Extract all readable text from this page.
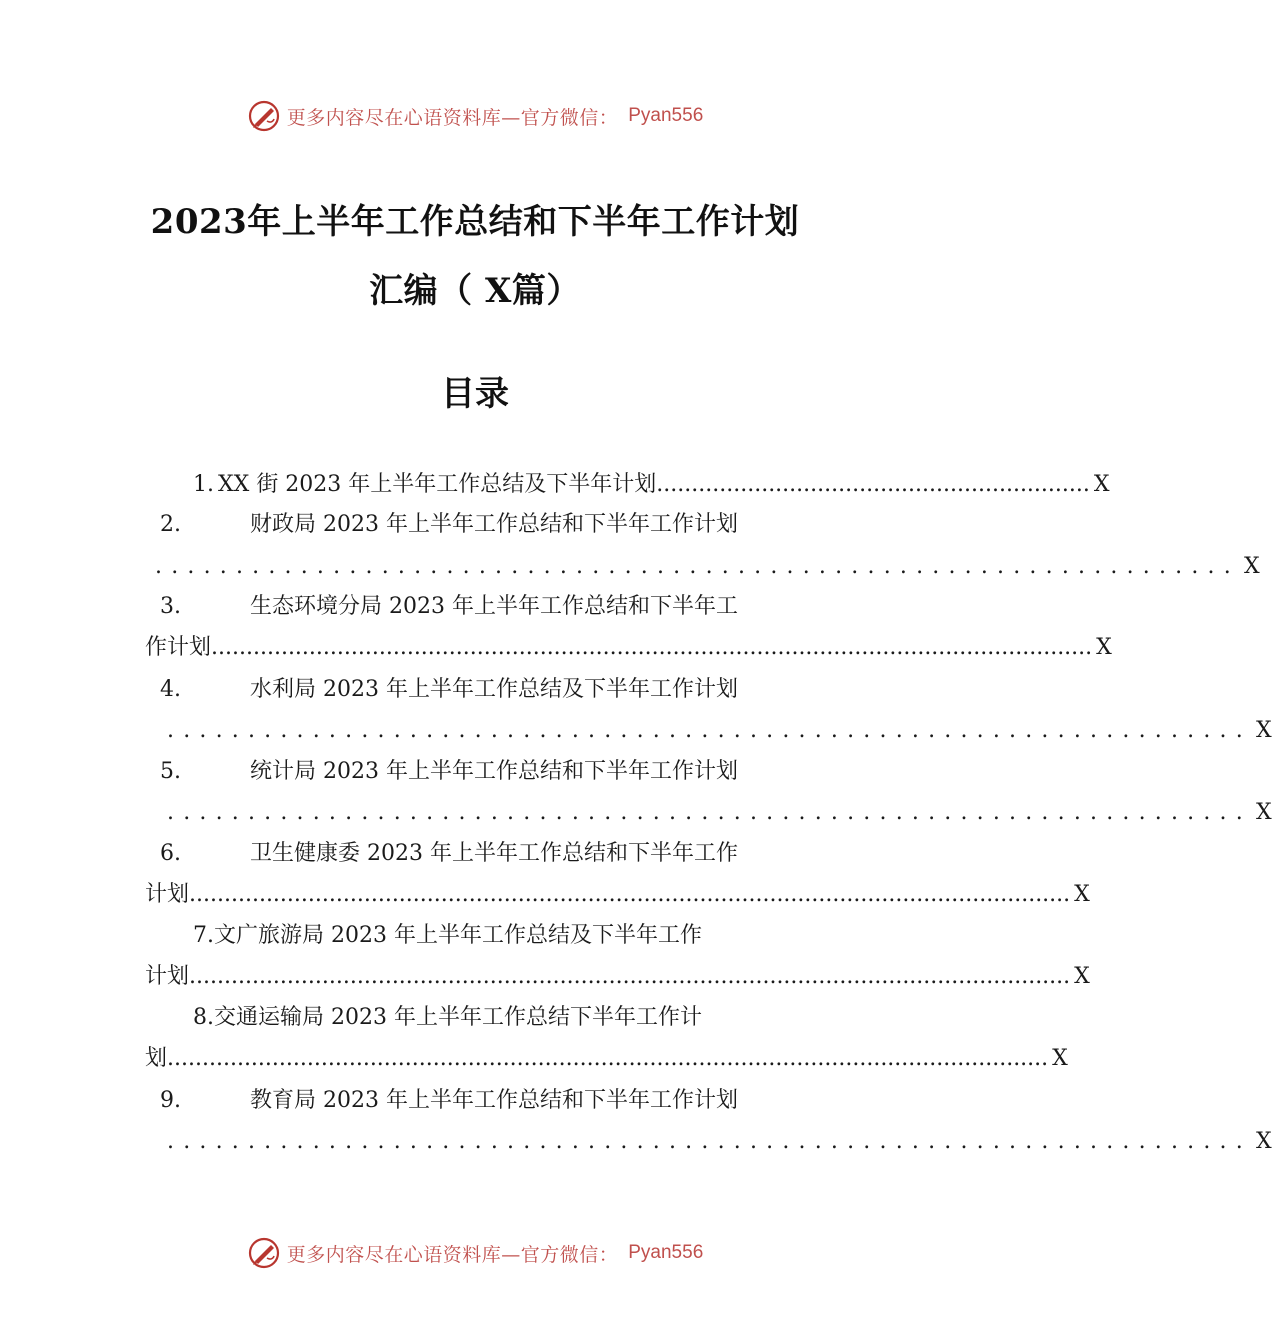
更多内容尽在心语资料库—官方微信： Pyan556
2023年上半年工作总结和下半年工作计划
汇编（ X篇）
目录
1. XX 街 2023 年上半年工作总结及下半年计划 .............................................................. X
2.	财政局 2023 年上半年工作总结和下半年工作计划
................................................................... X
3.	生态环境分局 2023 年上半年工作总结和下半年工
作计划 .............................................................................................................................. X
4.	水利局 2023 年上半年工作总结及下半年工作计划
................................................................... X
5.	统计局 2023 年上半年工作总结和下半年工作计划
................................................................... X
6.	卫生健康委 2023 年上半年工作总结和下半年工作
计划 .............................................................................................................................. X
7. 文广旅游局 2023 年上半年工作总结及下半年工作
计划 .............................................................................................................................. X
8. 交通运输局 2023 年上半年工作总结下半年工作计
划 .............................................................................................................................. X
9.	教育局 2023 年上半年工作总结和下半年工作计划
................................................................... X
更多内容尽在心语资料库—官方微信： Pyan556
